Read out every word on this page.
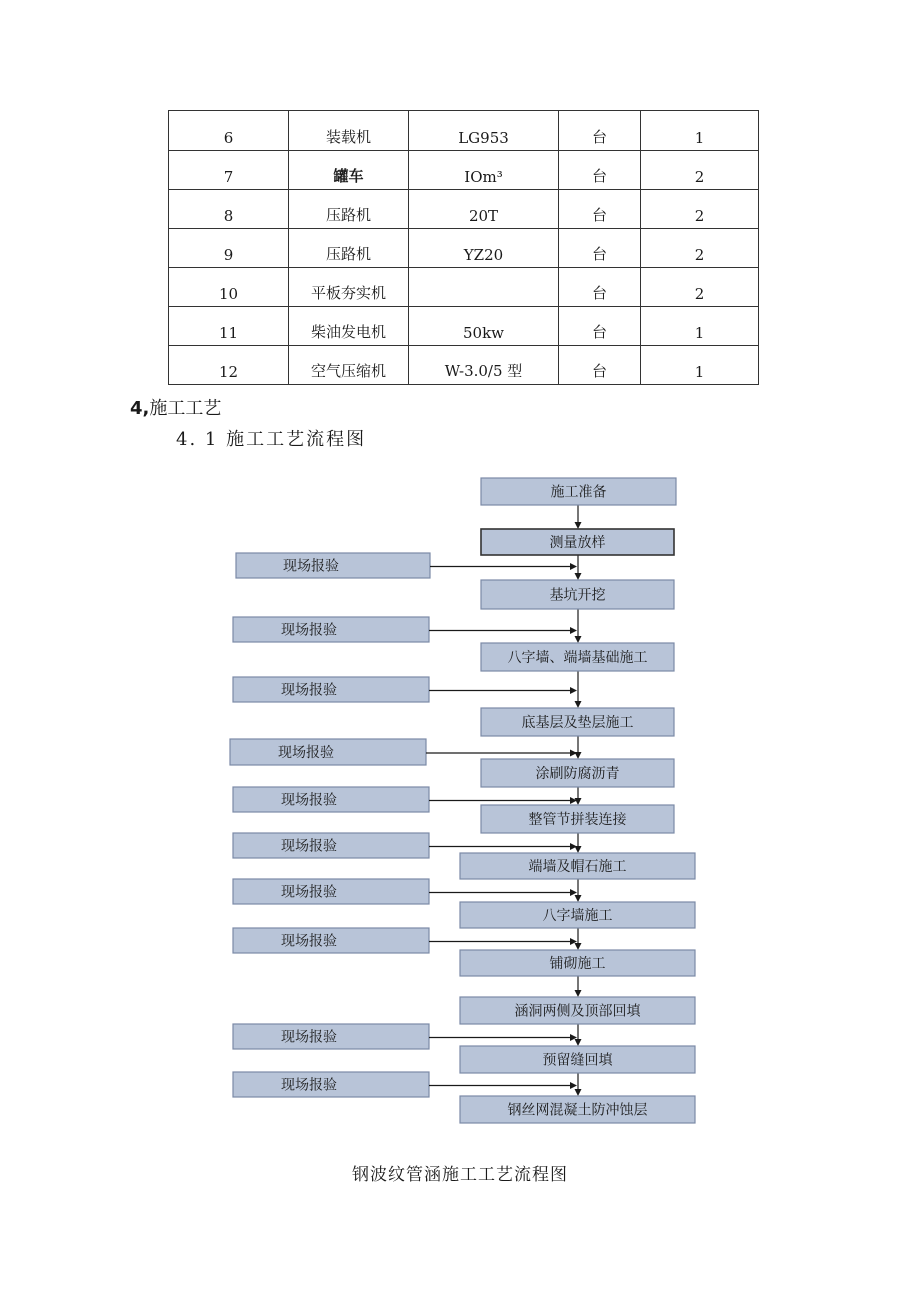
6	装载机	LG953	台	1
7	罐车	IOm³	台	2
8	压路机	20T	台	2
9	压路机	YZ20	台	2
10	平板夯实机		台	2
11	柴油发电机	50kw	台	1
12	空气压缩机	W-3.0/5 型	台	1
4,施工工艺
4. 1 施工工艺流程图
现场报验
现场报验
现场报验
现场报验
现场报验
现场报验
现场报验
现场报验
现场报验
现场报验
施工准备
测量放样
基坑开挖
八字墙、端墙基础施工
底基层及垫层施工
涂刷防腐沥青
整管节拼装连接
端墙及帽石施工
八字墙施工
铺砌施工
涵洞两侧及顶部回填
预留缝回填
钢丝网混凝土防冲蚀层
钢波纹管涵施工工艺流程图
